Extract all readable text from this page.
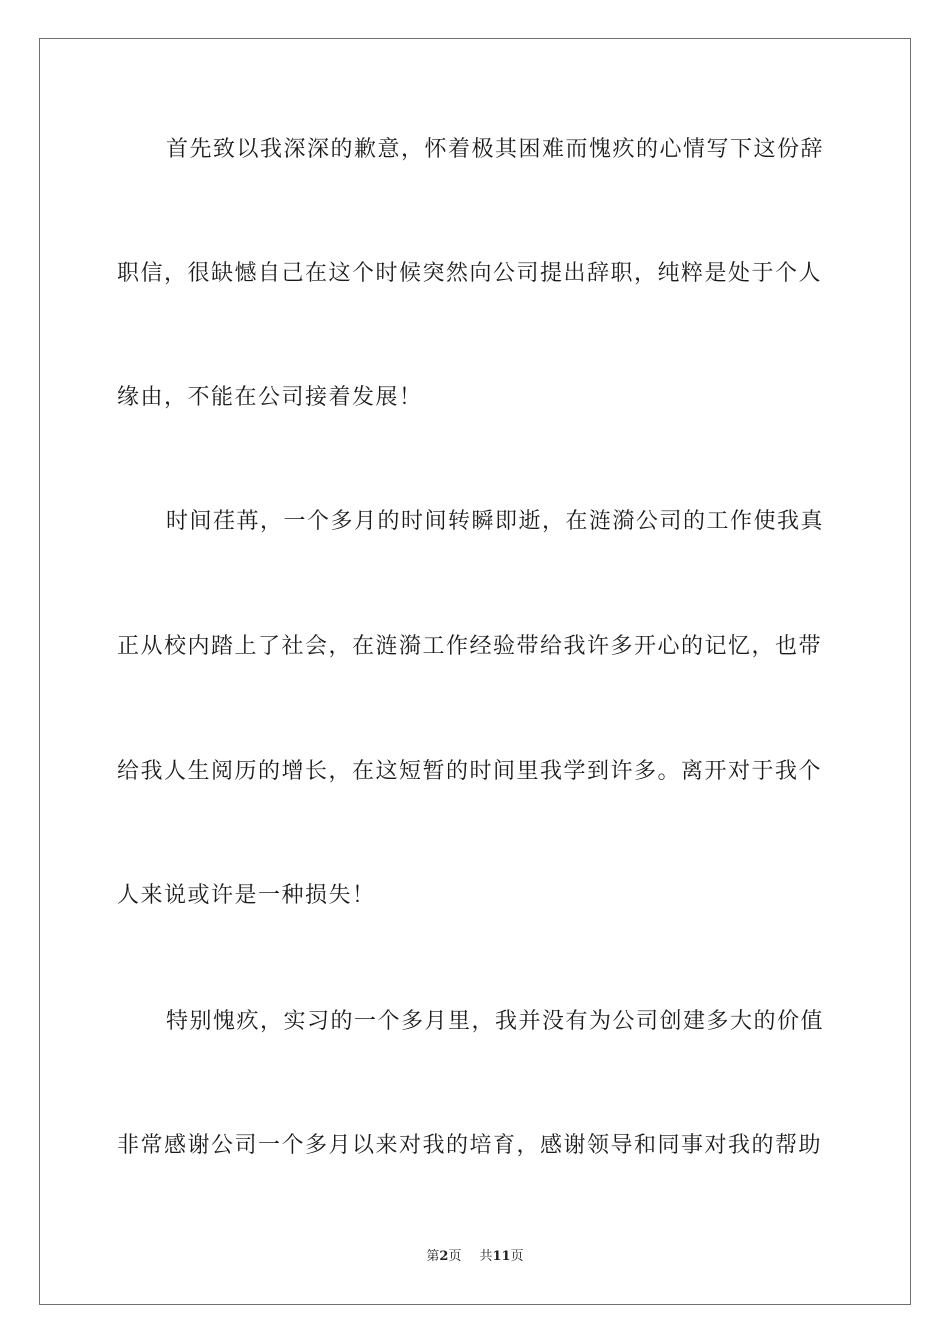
首先致以我深深的歉意，怀着极其困难而愧疚的心情写下这份辞
职信，很缺憾自己在这个时候突然向公司提出辞职，纯粹是处于个人
缘由，不能在公司接着发展！
时间荏苒，一个多月的时间转瞬即逝，在涟漪公司的工作使我真
正从校内踏上了社会，在涟漪工作经验带给我许多开心的记忆，也带
给我人生阅历的增长，在这短暂的时间里我学到许多。离开对于我个
人来说或许是一种损失！
特别愧疚，实习的一个多月里，我并没有为公司创建多大的价值
非常感谢公司一个多月以来对我的培育，感谢领导和同事对我的帮助
第2页 共11页
